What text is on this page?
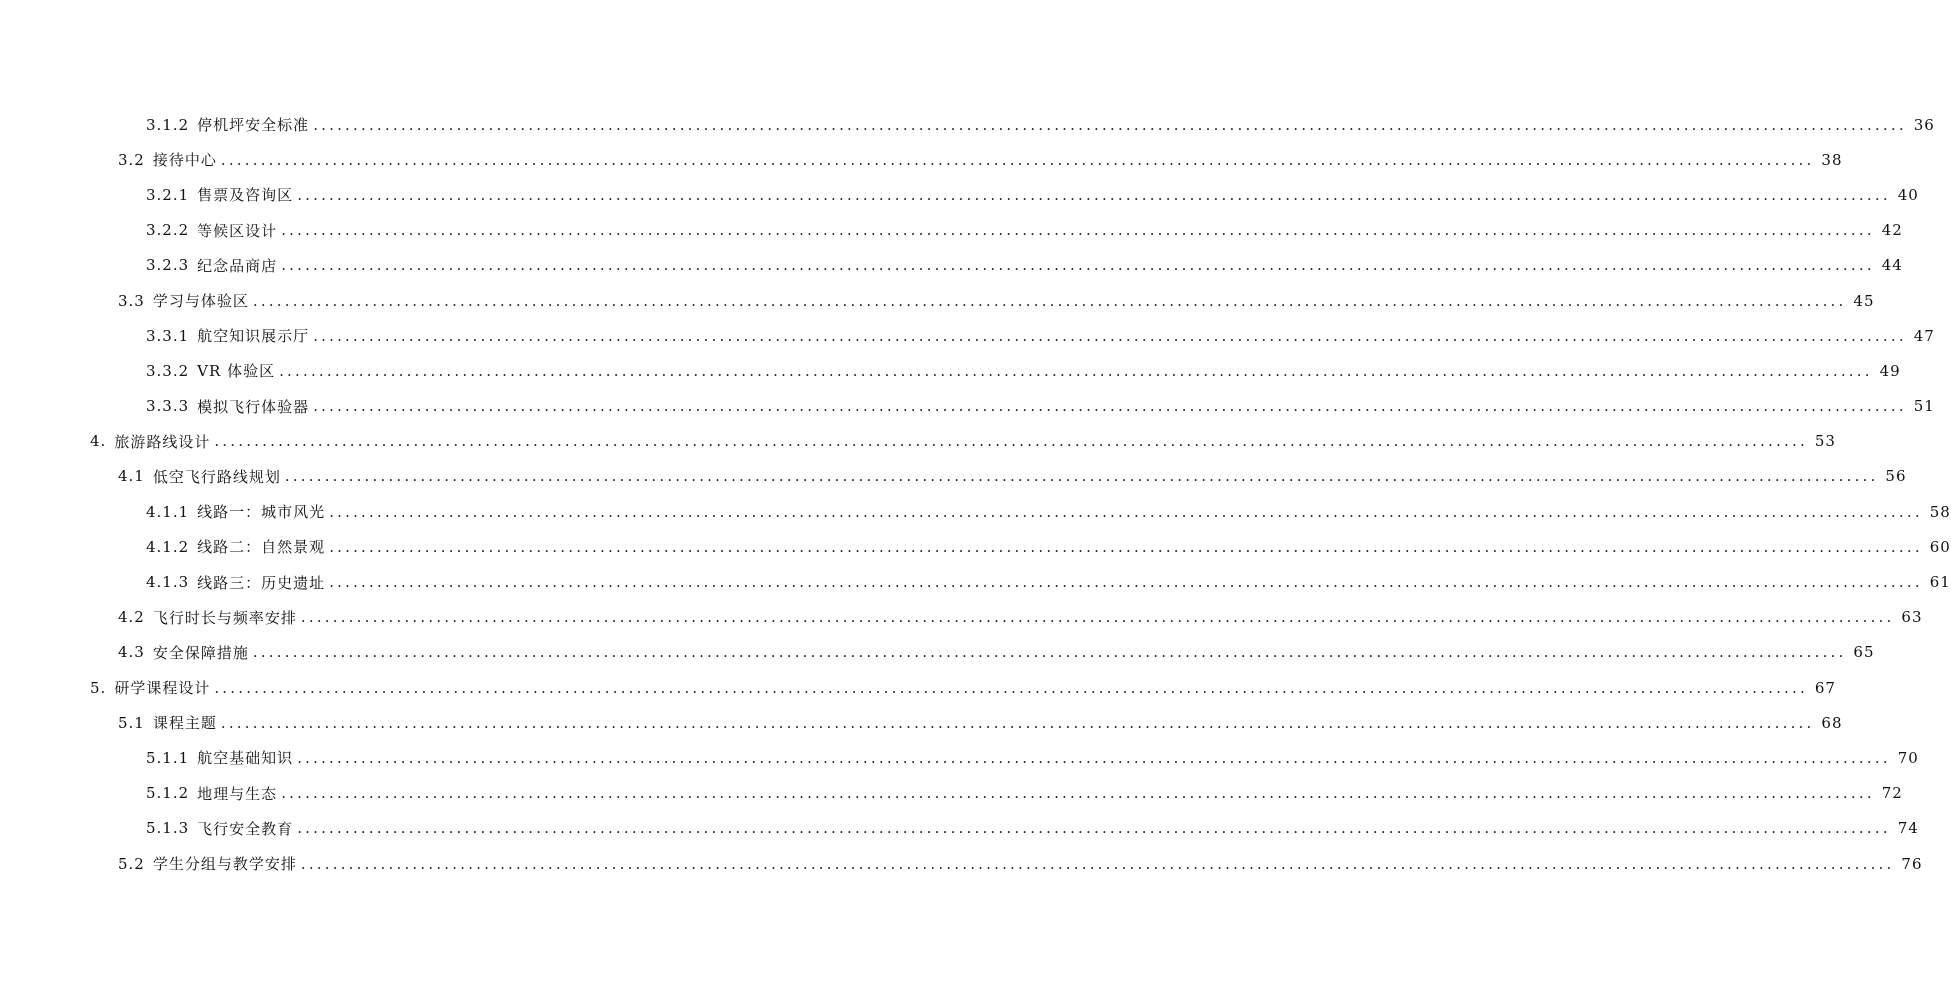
3.1.2 停机坪安全标准 ........................................................................................................................................................................................................ 36
3.2 接待中心 ........................................................................................................................................................................................................ 38
3.2.1 售票及咨询区 ........................................................................................................................................................................................................ 40
3.2.2 等候区设计 ........................................................................................................................................................................................................ 42
3.2.3 纪念品商店 ........................................................................................................................................................................................................ 44
3.3 学习与体验区 ........................................................................................................................................................................................................ 45
3.3.1 航空知识展示厅 ........................................................................................................................................................................................................ 47
3.3.2 VR 体验区 ........................................................................................................................................................................................................ 49
3.3.3 模拟飞行体验器 ........................................................................................................................................................................................................ 51
4. 旅游路线设计 ........................................................................................................................................................................................................ 53
4.1 低空飞行路线规划 ........................................................................................................................................................................................................ 56
4.1.1 线路一：城市风光 ........................................................................................................................................................................................................ 58
4.1.2 线路二：自然景观 ........................................................................................................................................................................................................ 60
4.1.3 线路三：历史遗址 ........................................................................................................................................................................................................ 61
4.2 飞行时长与频率安排 ........................................................................................................................................................................................................ 63
4.3 安全保障措施 ........................................................................................................................................................................................................ 65
5. 研学课程设计 ........................................................................................................................................................................................................ 67
5.1 课程主题 ........................................................................................................................................................................................................ 68
5.1.1 航空基础知识 ........................................................................................................................................................................................................ 70
5.1.2 地理与生态 ........................................................................................................................................................................................................ 72
5.1.3 飞行安全教育 ........................................................................................................................................................................................................ 74
5.2 学生分组与教学安排 ........................................................................................................................................................................................................ 76
